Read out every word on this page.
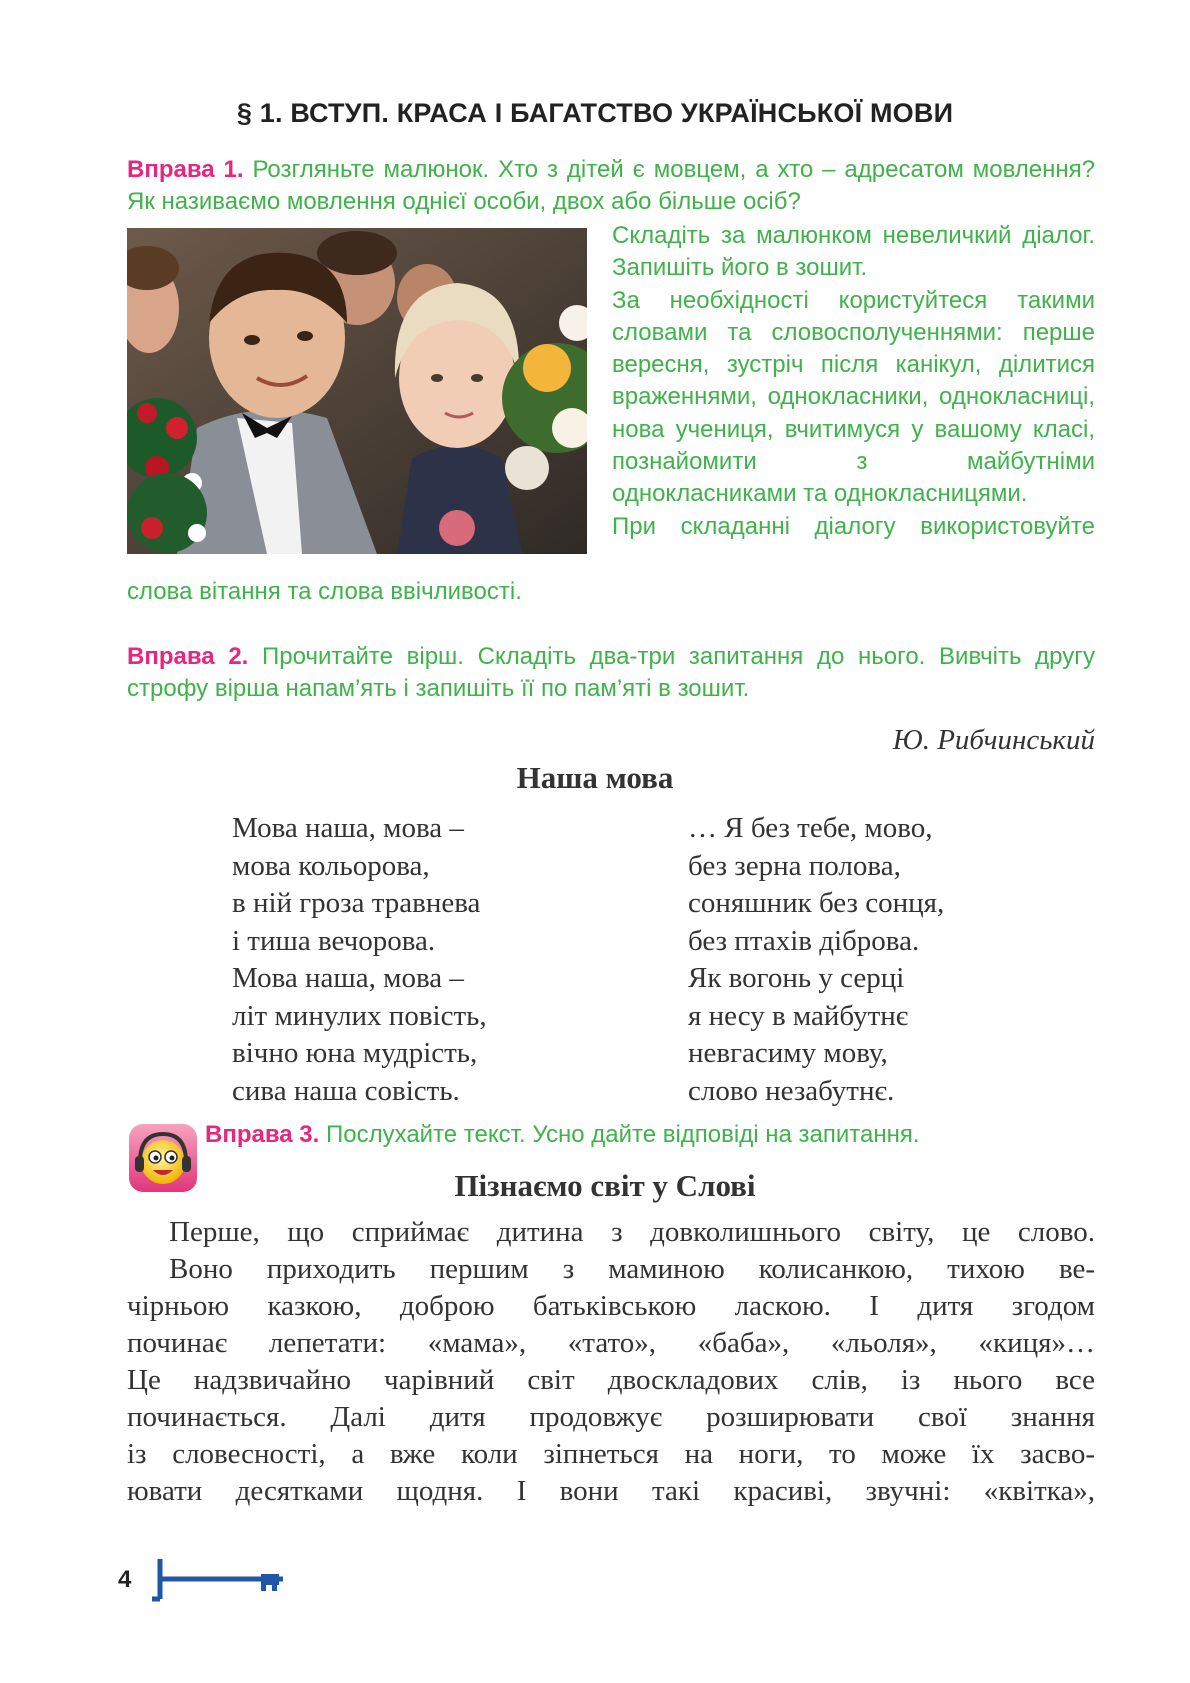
§ 1. ВСТУП. КРАСА І БАГАТСТВО УКРАЇНСЬКОЇ МОВИ
Вправа 1. Розгляньте малюнок. Хто з дітей є мовцем, а хто – адресатом мовлення? Як називаємо мовлення однієї особи, двох або більше осіб?

Складіть за малюнком невеличкий діалог. Запишіть його в зошит.

За необхідності користуйтеся такими словами та словосполученнями: перше вересня, зустріч після канікул, ділитися враженнями, однокласники, однокласниці, нова учениця, вчитимуся у вашому класі, познайомити з майбутніми однокласниками та однокласницями.

При складанні діалогу використовуйте

слова вітання та слова ввічливості.
Вправа 2. Прочитайте вірш. Складіть два-три запитання до нього. Вивчіть другу строфу вірша напам’ять і запишіть її по пам’яті в зошит.
Ю. Рибчинський
Наша мова
Мова наша, мова –
мова кольорова,
в ній гроза травнева
і тиша вечорова.
Мова наша, мова –
літ минулих повість,
вічно юна мудрість,
сива наша совість.
… Я без тебе, мово,
без зерна полова,
соняшник без сонця,
без птахів діброва.
Як вогонь у серці
я несу в майбутнє
невгасиму мову,
слово незабутнє.
Вправа 3. Послухайте текст. Усно дайте відповіді на запитання.
Пізнаємо світ у Слові
Перше, що сприймає дитина з довколишнього світу, це слово.
Воно приходить першим з маминою колисанкою, тихою ве-
чірньою казкою, доброю батьківською ласкою. І дитя згодом
починає лепетати: «мама», «тато», «баба», «льоля», «киця»…
Це надзвичайно чарівний світ двоскладових слів, із нього все
починається. Далі дитя продовжує розширювати свої знання
із словесності, а вже коли зіпнеться на ноги, то може їх засво-
ювати десятками щодня. І вони такі красиві, звучні: «квітка»,
4
